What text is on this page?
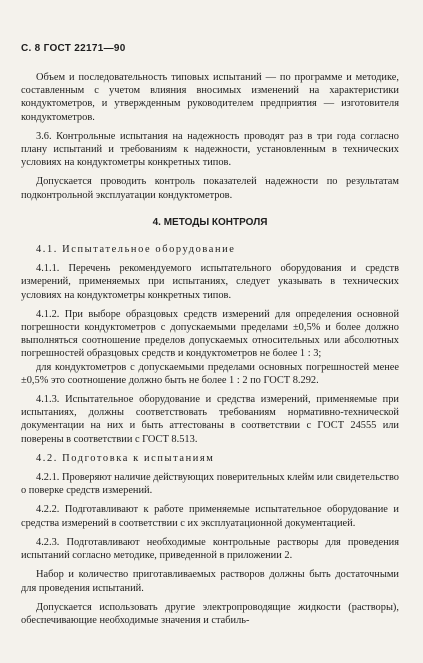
С. 8 ГОСТ 22171—90

Объем и последовательность типовых испытаний — по программе и методике, составленным с учетом влияния вносимых изменений на характеристики кондуктометров, и утвержденным руководителем предприятия — изготовителя кондуктометров.

3.6. Контрольные испытания на надежность проводят раз в три года согласно плану испытаний и требованиям к надежности, установленным в технических условиях на кондуктометры конкретных типов.

Допускается проводить контроль показателей надежности по результатам подконтрольной эксплуатации кондуктометров.

4. МЕТОДЫ КОНТРОЛЯ

4.1. Испытательное оборудование

4.1.1. Перечень рекомендуемого испытательного оборудования и средств измерений, применяемых при испытаниях, следует указывать в технических условиях на кондуктометры конкретных типов.

4.1.2. При выборе образцовых средств измерений для определения основной погрешности кондуктометров с допускаемыми пределами ±0,5% и более должно выполняться соотношение пределов допускаемых относительных или абсолютных погрешностей образцовых средств и кондуктометров не более 1 : 3;

для кондуктометров с допускаемыми пределами основных погрешностей менее ±0,5% это соотношение должно быть не более 1 : 2 по ГОСТ 8.292.

4.1.3. Испытательное оборудование и средства измерений, применяемые при испытаниях, должны соответствовать требованиям нормативно-технической документации на них и быть аттестованы в соответствии с ГОСТ 24555 или поверены в соответствии с ГОСТ 8.513.

4.2. Подготовка к испытаниям

4.2.1. Проверяют наличие действующих поверительных клейм или свидетельство о поверке средств измерений.

4.2.2. Подготавливают к работе применяемые испытательное оборудование и средства измерений в соответствии с их эксплуатационной документацией.

4.2.3. Подготавливают необходимые контрольные растворы для проведения испытаний согласно методике, приведенной в приложении 2.

Набор и количество приготавливаемых растворов должны быть достаточными для проведения испытаний.

Допускается использовать другие электропроводящие жидкости (растворы), обеспечивающие необходимые значения и стабиль-
